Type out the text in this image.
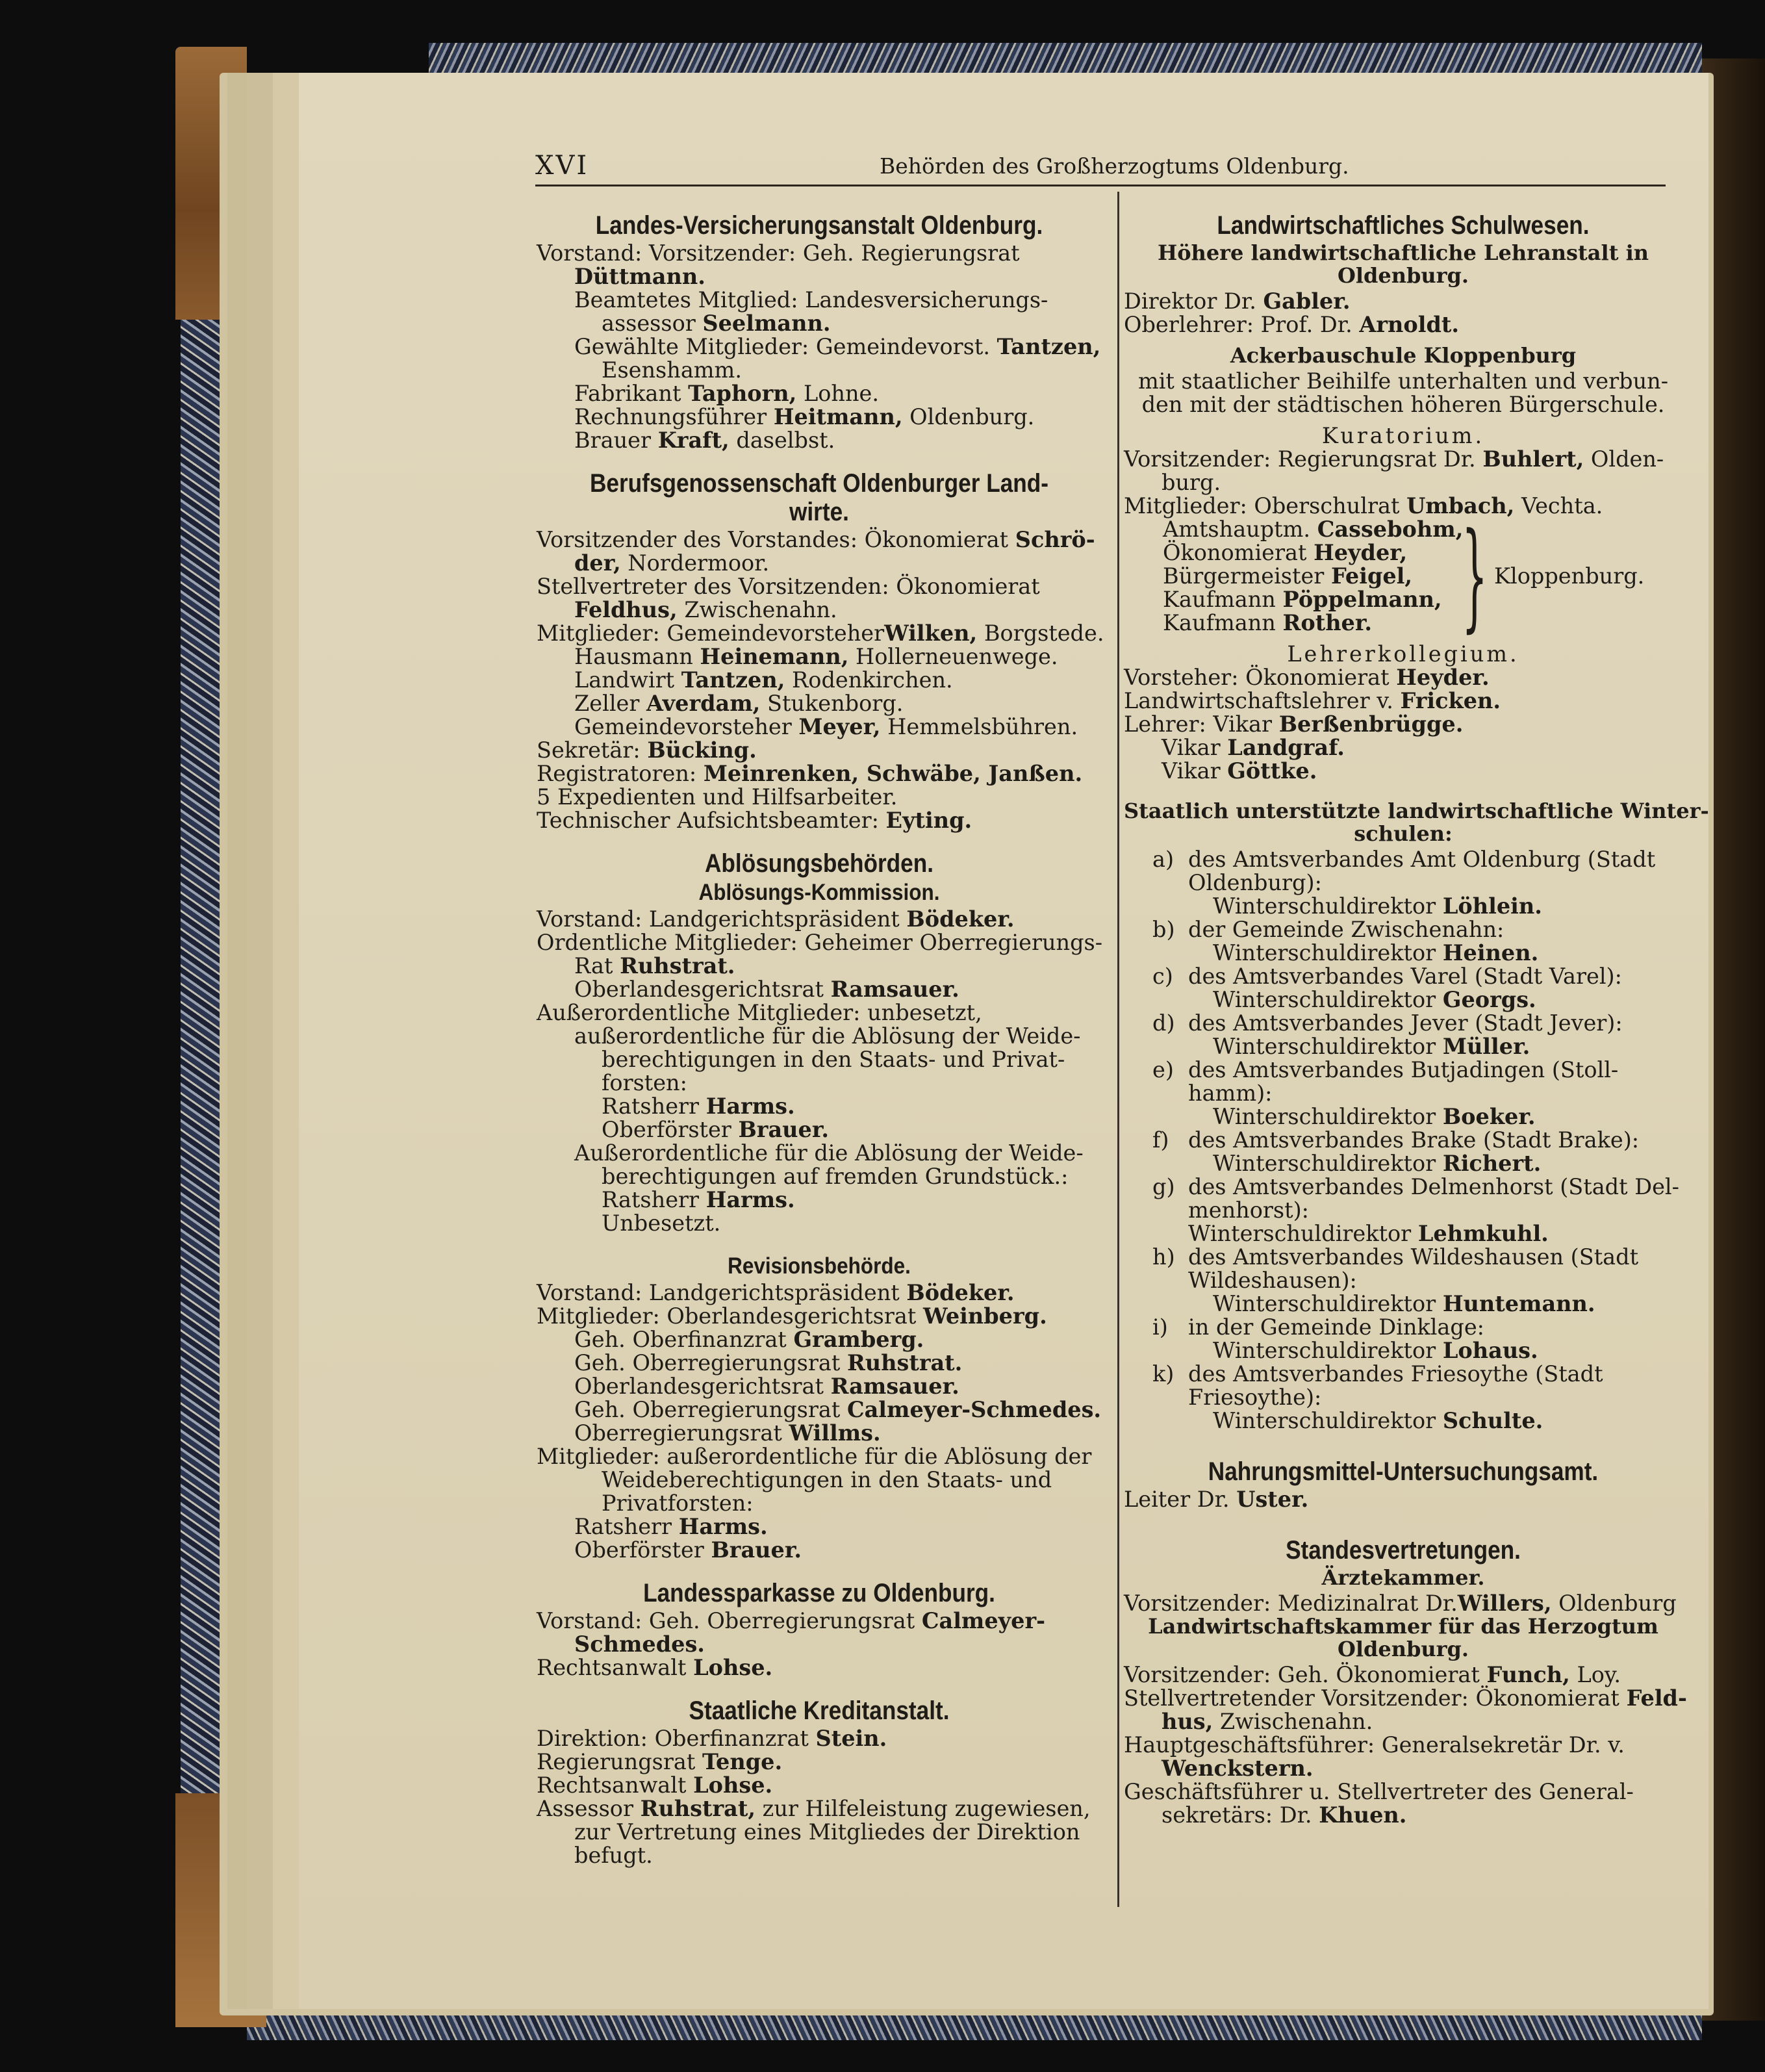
XVI	Behörden des Großherzogtums Oldenburg.
Landes-Versicherungsanstalt Oldenburg.
Vorstand: Vorsitzender: Geh. Regierungsrat
Düttmann.
Beamtetes Mitglied: Landesversicherungs-
assessor Seelmann.
Gewählte Mitglieder: Gemeindevorst. Tantzen,
Esenshamm.
Fabrikant Taphorn, Lohne.
Rechnungsführer Heitmann, Oldenburg.
Brauer Kraft, daselbst.
Berufsgenossenschaft Oldenburger Land-
wirte.
Vorsitzender des Vorstandes: Ökonomierat Schrö-
der, Nordermoor.
Stellvertreter des Vorsitzenden: Ökonomierat
Feldhus, Zwischenahn.
Mitglieder: GemeindevorsteherWilken, Borgstede.
Hausmann Heinemann, Hollerneuenwege.
Landwirt Tantzen, Rodenkirchen.
Zeller Averdam, Stukenborg.
Gemeindevorsteher Meyer, Hemmelsbühren.
Sekretär: Bücking.
Registratoren: Meinrenken, Schwäbe, Janßen.
5 Expedienten und Hilfsarbeiter.
Technischer Aufsichtsbeamter: Eyting.
Ablösungsbehörden.
Ablösungs-Kommission.
Vorstand: Landgerichtspräsident Bödeker.
Ordentliche Mitglieder: Geheimer Oberregierungs-
Rat Ruhstrat.
Oberlandesgerichtsrat Ramsauer.
Außerordentliche Mitglieder: unbesetzt,
außerordentliche für die Ablösung der Weide-
berechtigungen in den Staats- und Privat-
forsten:
Ratsherr Harms.
Oberförster Brauer.
Außerordentliche für die Ablösung der Weide-
berechtigungen auf fremden Grundstück.:
Ratsherr Harms.
Unbesetzt.
Revisionsbehörde.
Vorstand: Landgerichtspräsident Bödeker.
Mitglieder: Oberlandesgerichtsrat Weinberg.
Geh. Oberfinanzrat Gramberg.
Geh. Oberregierungsrat Ruhstrat.
Oberlandesgerichtsrat Ramsauer.
Geh. Oberregierungsrat Calmeyer-Schmedes.
Oberregierungsrat Willms.
Mitglieder: außerordentliche für die Ablösung der
Weideberechtigungen in den Staats- und
Privatforsten:
Ratsherr Harms.
Oberförster Brauer.
Landessparkasse zu Oldenburg.
Vorstand: Geh. Oberregierungsrat Calmeyer-
Schmedes.
Rechtsanwalt Lohse.
Staatliche Kreditanstalt.
Direktion: Oberfinanzrat Stein.
Regierungsrat Tenge.
Rechtsanwalt Lohse.
Assessor Ruhstrat, zur Hilfeleistung zugewiesen,
zur Vertretung eines Mitgliedes der Direktion
befugt.
Landwirtschaftliches Schulwesen.
Höhere landwirtschaftliche Lehranstalt in
Oldenburg.
Direktor Dr. Gabler.
Oberlehrer: Prof. Dr. Arnoldt.
Ackerbauschule Kloppenburg
mit staatlicher Beihilfe unterhalten und verbun-
den mit der städtischen höheren Bürgerschule.
Kuratorium.
Vorsitzender: Regierungsrat Dr. Buhlert, Olden-
burg.
Mitglieder: Oberschulrat Umbach, Vechta.
Amtshauptm. Cassebohm,
Ökonomierat Heyder,
Bürgermeister Feigel,
Kaufmann Pöppelmann,
Kaufmann Rother. } Kloppenburg.
Lehrerkollegium.
Vorsteher: Ökonomierat Heyder.
Landwirtschaftslehrer v. Fricken.
Lehrer: Vikar Berßenbrügge.
Vikar Landgraf.
Vikar Göttke.
Staatlich unterstützte landwirtschaftliche Winter-
schulen:
a) des Amtsverbandes Amt Oldenburg (Stadt
Oldenburg):
Winterschuldirektor Löhlein.
b) der Gemeinde Zwischenahn:
Winterschuldirektor Heinen.
c) des Amtsverbandes Varel (Stadt Varel):
Winterschuldirektor Georgs.
d) des Amtsverbandes Jever (Stadt Jever):
Winterschuldirektor Müller.
e) des Amtsverbandes Butjadingen (Stoll-
hamm):
Winterschuldirektor Boeker.
f) des Amtsverbandes Brake (Stadt Brake):
Winterschuldirektor Richert.
g) des Amtsverbandes Delmenhorst (Stadt Del-
menhorst):
Winterschuldirektor Lehmkuhl.
h) des Amtsverbandes Wildeshausen (Stadt
Wildeshausen):
Winterschuldirektor Huntemann.
i) in der Gemeinde Dinklage:
Winterschuldirektor Lohaus.
k) des Amtsverbandes Friesoythe (Stadt
Friesoythe):
Winterschuldirektor Schulte.
Nahrungsmittel-Untersuchungsamt.
Leiter Dr. Uster.
Standesvertretungen.
Ärztekammer.
Vorsitzender: Medizinalrat Dr.Willers, Oldenburg
Landwirtschaftskammer für das Herzogtum
Oldenburg.
Vorsitzender: Geh. Ökonomierat Funch, Loy.
Stellvertretender Vorsitzender: Ökonomierat Feld-
hus, Zwischenahn.
Hauptgeschäftsführer: Generalsekretär Dr. v.
Wenckstern.
Geschäftsführer u. Stellvertreter des General-
sekretärs: Dr. Khuen.
